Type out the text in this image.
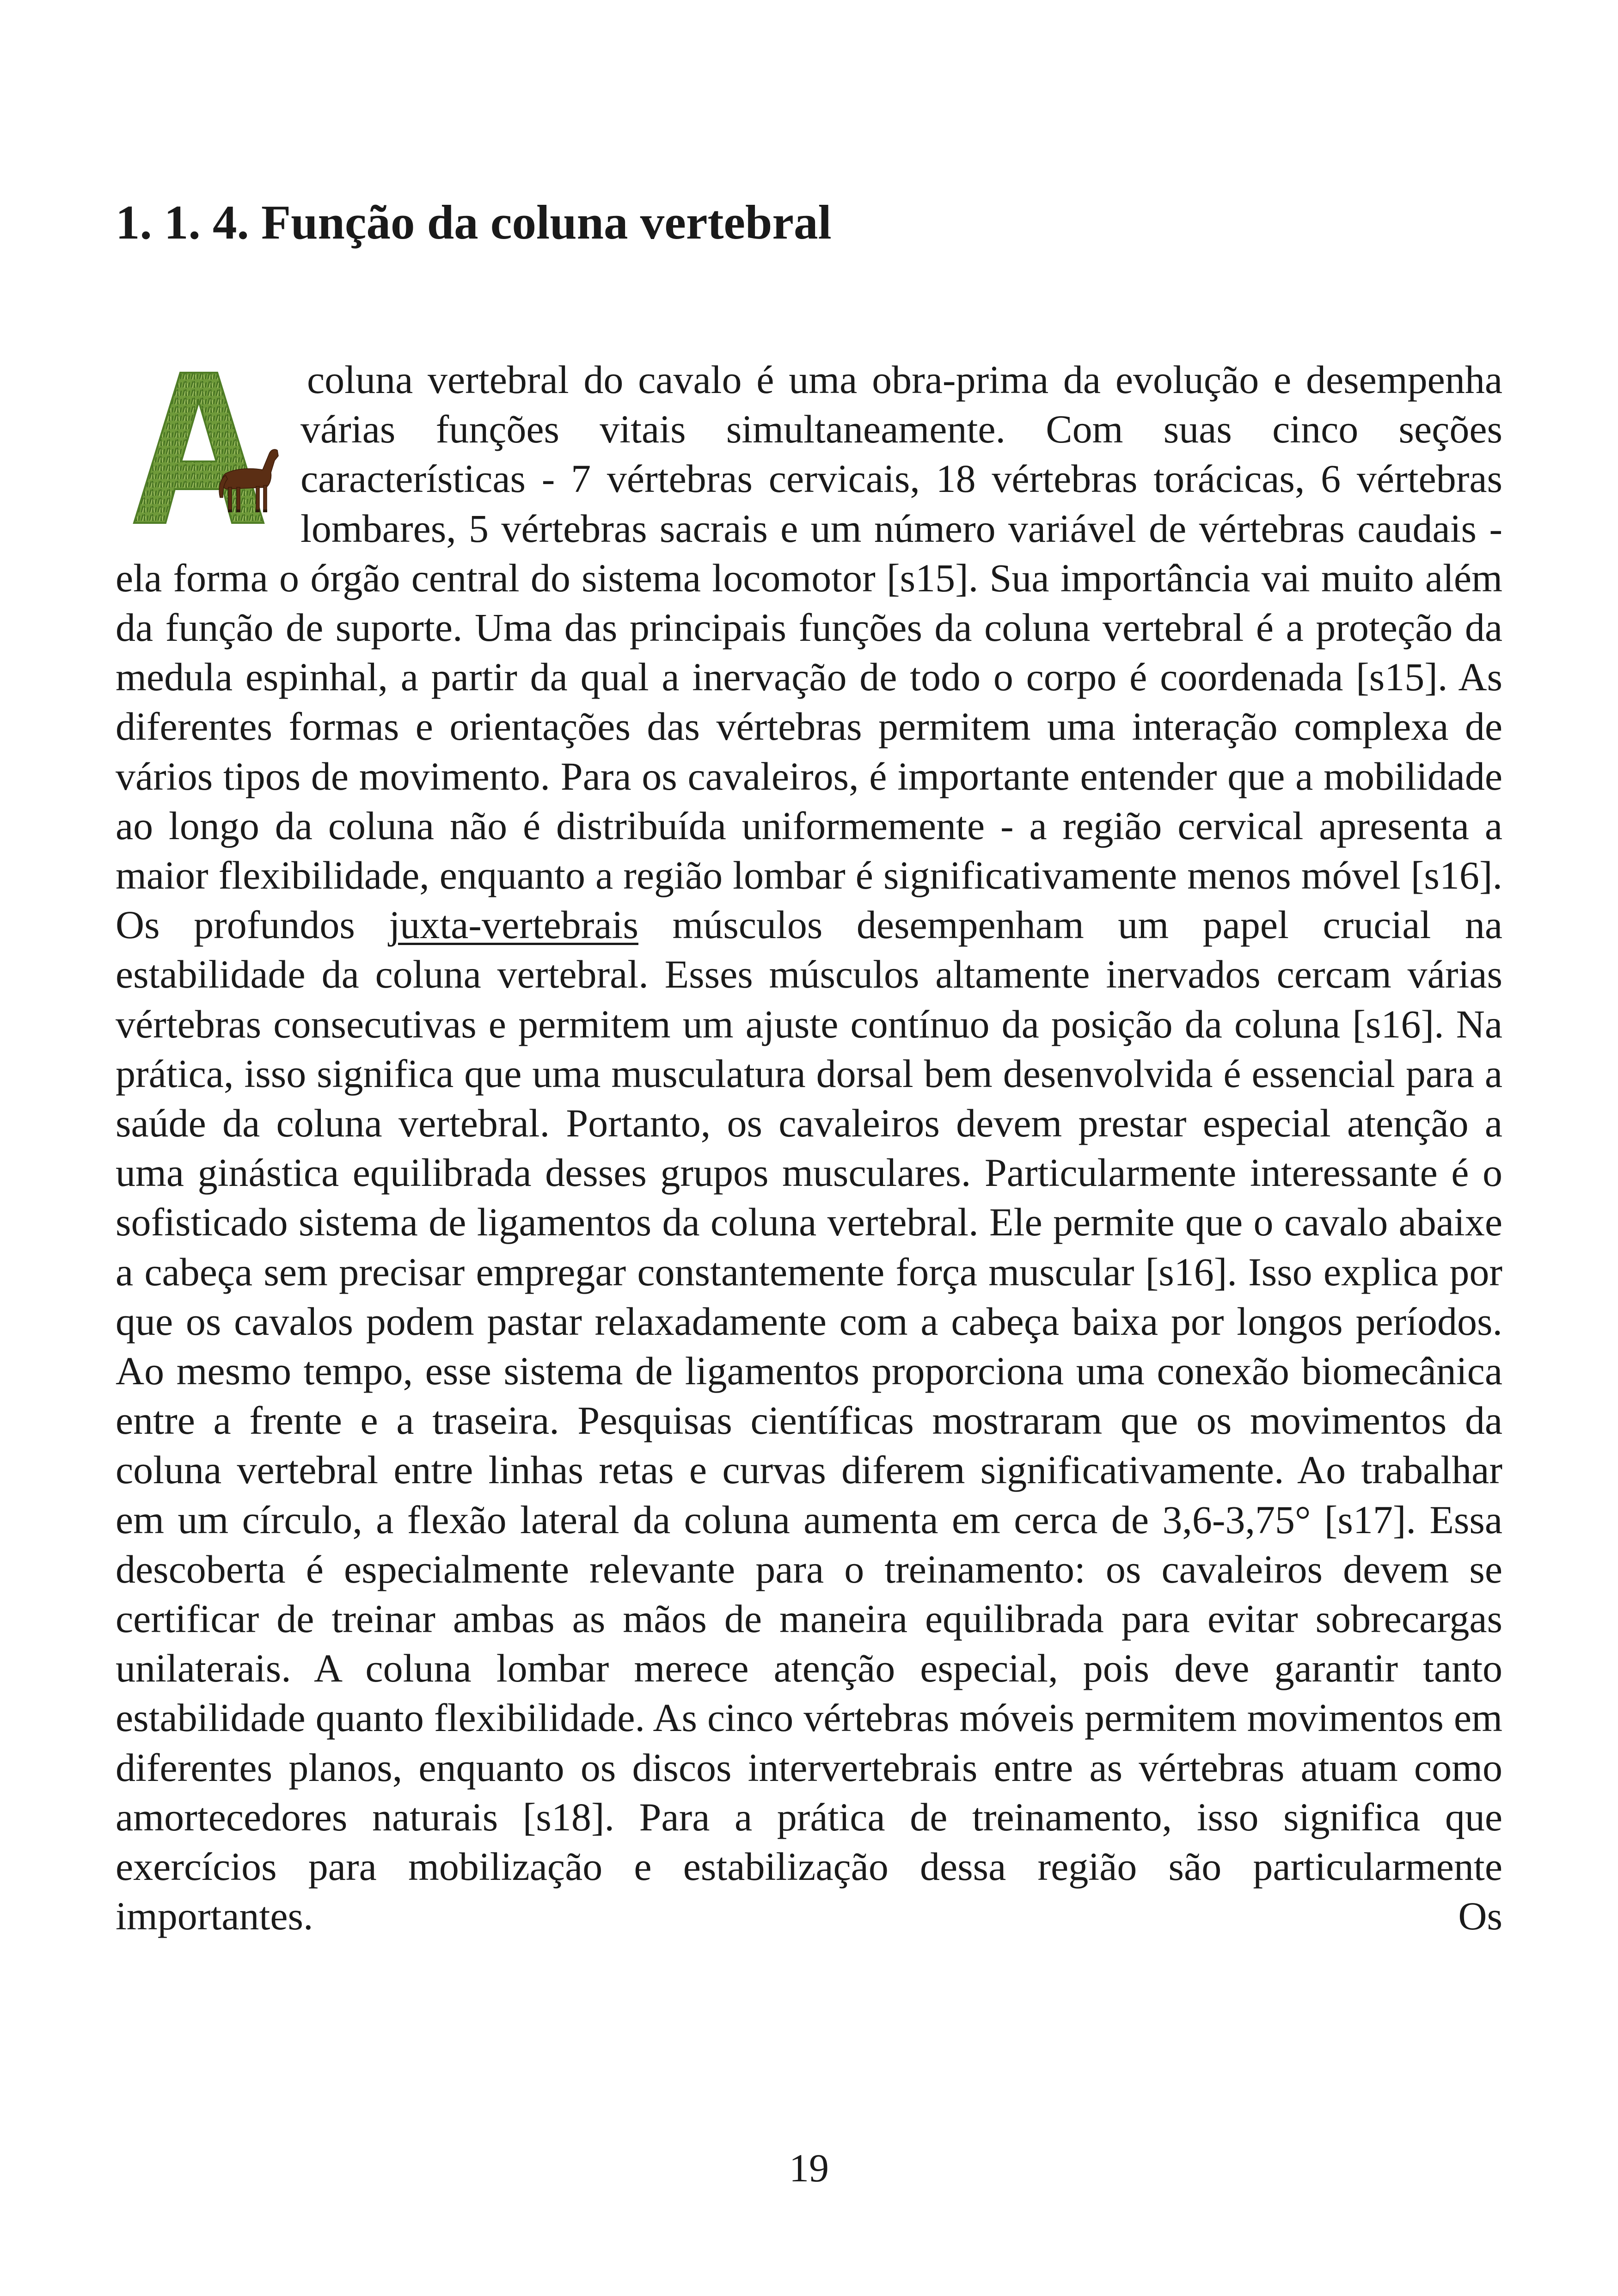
1. 1. 4. Função da coluna vertebral

coluna vertebral do cavalo é uma obra-prima da evolução e desempenha várias funções vitais simultaneamente. Com suas cinco seções características - 7 vértebras cervicais, 18 vértebras torácicas, 6 vértebras lombares, 5 vértebras sacrais e um número variável de vértebras caudais - ela forma o órgão central do sistema locomotor [s15]. Sua importância vai muito além da função de suporte. Uma das principais funções da coluna vertebral é a proteção da medula espinhal, a partir da qual a inervação de todo o corpo é coordenada [s15]. As diferentes formas e orientações das vértebras permitem uma interação complexa de vários tipos de movimento. Para os cavaleiros, é importante entender que a mobilidade ao longo da coluna não é distribuída uniformemente - a região cervical apresenta a maior flexibilidade, enquanto a região lombar é significativamente menos móvel [s16]. Os profundos juxta-vertebrais músculos desempenham um papel crucial na estabilidade da coluna vertebral. Esses músculos altamente inervados cercam várias vértebras consecutivas e permitem um ajuste contínuo da posição da coluna [s16]. Na prática, isso significa que uma musculatura dorsal bem desenvolvida é essencial para a saúde da coluna vertebral. Portanto, os cavaleiros devem prestar especial atenção a uma ginástica equilibrada desses grupos musculares. Particularmente interessante é o sofisticado sistema de ligamentos da coluna vertebral. Ele permite que o cavalo abaixe a cabeça sem precisar empregar constantemente força muscular [s16]. Isso explica por que os cavalos podem pastar relaxadamente com a cabeça baixa por longos períodos. Ao mesmo tempo, esse sistema de ligamentos proporciona uma conexão biomecânica entre a frente e a traseira. Pesquisas científicas mostraram que os movimentos da coluna vertebral entre linhas retas e curvas diferem significativamente. Ao trabalhar em um círculo, a flexão lateral da coluna aumenta em cerca de 3,6-3,75° [s17]. Essa descoberta é especialmente relevante para o treinamento: os cavaleiros devem se certificar de treinar ambas as mãos de maneira equilibrada para evitar sobrecargas unilaterais. A coluna lombar merece atenção especial, pois deve garantir tanto estabilidade quanto flexibilidade. As cinco vértebras móveis permitem movimentos em diferentes planos, enquanto os discos intervertebrais entre as vértebras atuam como amortecedores naturais [s18]. Para a prática de treinamento, isso significa que exercícios para mobilização e estabilização dessa região são particularmente importantes. Os

19
